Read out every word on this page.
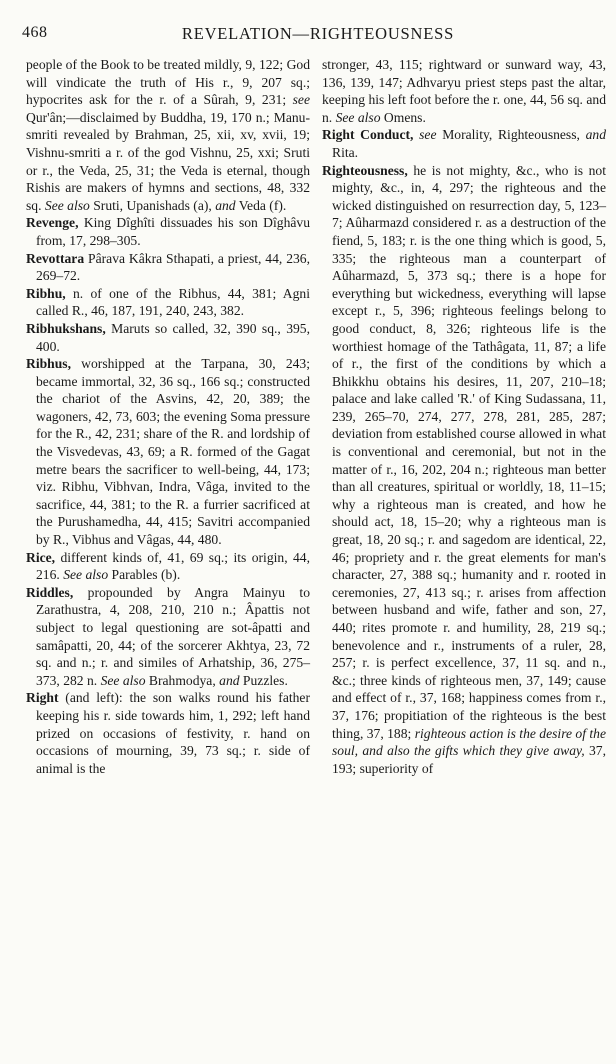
468	REVELATION—RIGHTEOUSNESS

people of the Book to be treated mildly, 9, 122; God will vindicate the truth of His r., 9, 207 sq.; hypocrites ask for the r. of a Sûrah, 9, 231; see Qur'ân;—disclaimed by Buddha, 19, 170 n.; Manu-smriti revealed by Brahman, 25, xii, xv, xvii, 19; Vishnu-smriti a r. of the god Vishnu, 25, xxi; Sruti or r., the Veda, 25, 31; the Veda is eternal, though Rishis are makers of hymns and sections, 48, 332 sq. See also Sruti, Upanishads (a), and Veda (f).

Revenge, King Dîghîti dissuades his son Dîghâvu from, 17, 298–305.

Revottara Pârava Kâkra Sthapati, a priest, 44, 236, 269–72.

Ribhu, n. of one of the Ribhus, 44, 381; Agni called R., 46, 187, 191, 240, 243, 382.

Ribhukshans, Maruts so called, 32, 390 sq., 395, 400.

Ribhus, worshipped at the Tarpana, 30, 243; became immortal, 32, 36 sq., 166 sq.; constructed the chariot of the Asvins, 42, 20, 389; the wagoners, 42, 73, 603; the evening Soma pressure for the R., 42, 231; share of the R. and lordship of the Visvedevas, 43, 69; a R. formed of the Gagat metre bears the sacrificer to well-being, 44, 173; viz. Ribhu, Vibhvan, Indra, Vâga, invited to the sacrifice, 44, 381; to the R. a furrier sacrificed at the Purushamedha, 44, 415; Savitri accompanied by R., Vibhus and Vâgas, 44, 480.

Rice, different kinds of, 41, 69 sq.; its origin, 44, 216. See also Parables (b).

Riddles, propounded by Angra Mainyu to Zarathustra, 4, 208, 210, 210 n.; Âpattis not subject to legal questioning are sot-âpatti and samâpatti, 20, 44; of the sorcerer Akhtya, 23, 72 sq. and n.; r. and similes of Arhatship, 36, 275–373, 282 n. See also Brahmodya, and Puzzles.

Right (and left): the son walks round his father keeping his r. side towards him, 1, 292; left hand prized on occasions of festivity, r. hand on occasions of mourning, 39, 73 sq.; r. side of animal is the

stronger, 43, 115; rightward or sunward way, 43, 136, 139, 147; Adhvaryu priest steps past the altar, keeping his left foot before the r. one, 44, 56 sq. and n. See also Omens.

Right Conduct, see Morality, Righteousness, and Rita.

Righteousness, he is not mighty, &c., who is not mighty, &c., in, 4, 297; the righteous and the wicked distinguished on resurrection day, 5, 123–7; Aûharmazd considered r. as a destruction of the fiend, 5, 183; r. is the one thing which is good, 5, 335; the righteous man a counterpart of Aûharmazd, 5, 373 sq.; there is a hope for everything but wickedness, everything will lapse except r., 5, 396; righteous feelings belong to good conduct, 8, 326; righteous life is the worthiest homage of the Tathâgata, 11, 87; a life of r., the first of the conditions by which a Bhikkhu obtains his desires, 11, 207, 210–18; palace and lake called 'R.' of King Sudassana, 11, 239, 265–70, 274, 277, 278, 281, 285, 287; deviation from established course allowed in what is conventional and ceremonial, but not in the matter of r., 16, 202, 204 n.; righteous man better than all creatures, spiritual or worldly, 18, 11–15; why a righteous man is created, and how he should act, 18, 15–20; why a righteous man is great, 18, 20 sq.; r. and sagedom are identical, 22, 46; propriety and r. the great elements for man's character, 27, 388 sq.; humanity and r. rooted in ceremonies, 27, 413 sq.; r. arises from affection between husband and wife, father and son, 27, 440; rites promote r. and humility, 28, 219 sq.; benevolence and r., instruments of a ruler, 28, 257; r. is perfect excellence, 37, 11 sq. and n., &c.; three kinds of righteous men, 37, 149; cause and effect of r., 37, 168; happiness comes from r., 37, 176; propitiation of the righteous is the best thing, 37, 188; righteous action is the desire of the soul, and also the gifts which they give away, 37, 193; superiority of
